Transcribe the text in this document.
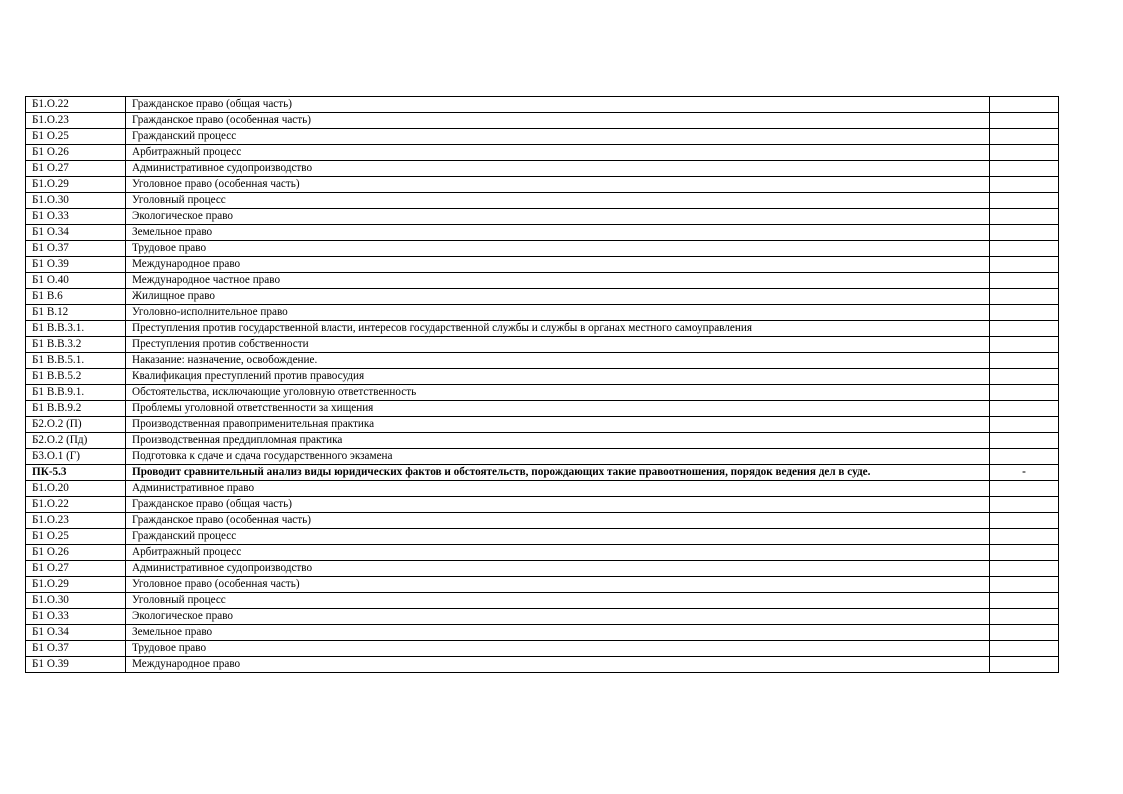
Б1.О.22	Гражданское право (общая часть)	
Б1.О.23	Гражданское право (особенная часть)	
Б1 О.25	Гражданский процесс	
Б1 О.26	Арбитражный процесс	
Б1 О.27	Административное судопроизводство	
Б1.О.29	Уголовное право (особенная часть)	
Б1.О.30	Уголовный процесс	
Б1 О.33	Экологическое право	
Б1 О.34	Земельное право	
Б1 О.37	Трудовое право	
Б1 О.39	Международное право	
Б1 О.40	Международное частное право	
Б1 В.6	Жилищное право	
Б1 В.12	Уголовно-исполнительное право	
Б1 В.В.3.1.	Преступления против государственной власти, интересов государственной службы и службы в органах местного самоуправления	
Б1 В.В.3.2	Преступления против собственности	
Б1 В.В.5.1.	Наказание: назначение, освобождение.	
Б1 В.В.5.2	Квалификация преступлений против правосудия	
Б1 В.В.9.1.	Обстоятельства, исключающие уголовную ответственность	
Б1 В.В.9.2	Проблемы уголовной ответственности за хищения	
Б2.О.2 (П)	Производственная правоприменительная практика	
Б2.О.2 (Пд)	Производственная преддипломная практика	
Б3.О.1 (Г)	Подготовка к сдаче и сдача государственного экзамена	
ПК-5.3	Проводит сравнительный анализ виды юридических фактов и обстоятельств, порождающих такие правоотношения, порядок ведения дел в суде.	-
Б1.О.20	Административное право	
Б1.О.22	Гражданское право (общая часть)	
Б1.О.23	Гражданское право (особенная часть)	
Б1 О.25	Гражданский процесс	
Б1 О.26	Арбитражный процесс	
Б1 О.27	Административное судопроизводство	
Б1.О.29	Уголовное право (особенная часть)	
Б1.О.30	Уголовный процесс	
Б1 О.33	Экологическое право	
Б1 О.34	Земельное право	
Б1 О.37	Трудовое право	
Б1 О.39	Международное право	
